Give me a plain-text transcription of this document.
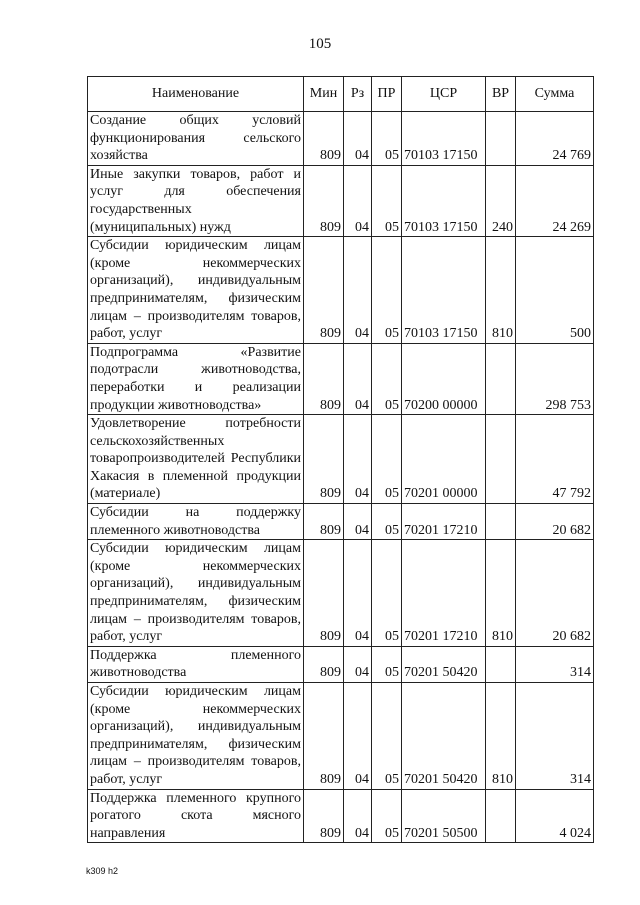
105
Наименование	Мин	Рз	ПР	ЦСР	ВР	Сумма
Создание общих условий функционирования сельского хозяйства	809	04	05	70103 17150		24 769
Иные закупки товаров, работ и услуг для обеспечения государственных (муниципальных) нужд	809	04	05	70103 17150	240	24 269
Субсидии юридическим лицам (кроме некоммерческих организаций), индивидуальным предпринимателям, физическим лицам – производителям товаров, работ, услуг	809	04	05	70103 17150	810	500
Подпрограмма «Развитие подотрасли животноводства, переработки и реализации продукции животноводства»	809	04	05	70200 00000		298 753
Удовлетворение потребности сельскохозяйственных товаропроизводителей Республики Хакасия в племенной продукции (материале)	809	04	05	70201 00000		47 792
Субсидии на поддержку племенного животноводства	809	04	05	70201 17210		20 682
Субсидии юридическим лицам (кроме некоммерческих организаций), индивидуальным предпринимателям, физическим лицам – производителям товаров, работ, услуг	809	04	05	70201 17210	810	20 682
Поддержка племенного животноводства	809	04	05	70201 50420		314
Субсидии юридическим лицам (кроме некоммерческих организаций), индивидуальным предпринимателям, физическим лицам – производителям товаров, работ, услуг	809	04	05	70201 50420	810	314
Поддержка племенного крупного рогатого скота мясного направления	809	04	05	70201 50500		4 024
k309 h2
